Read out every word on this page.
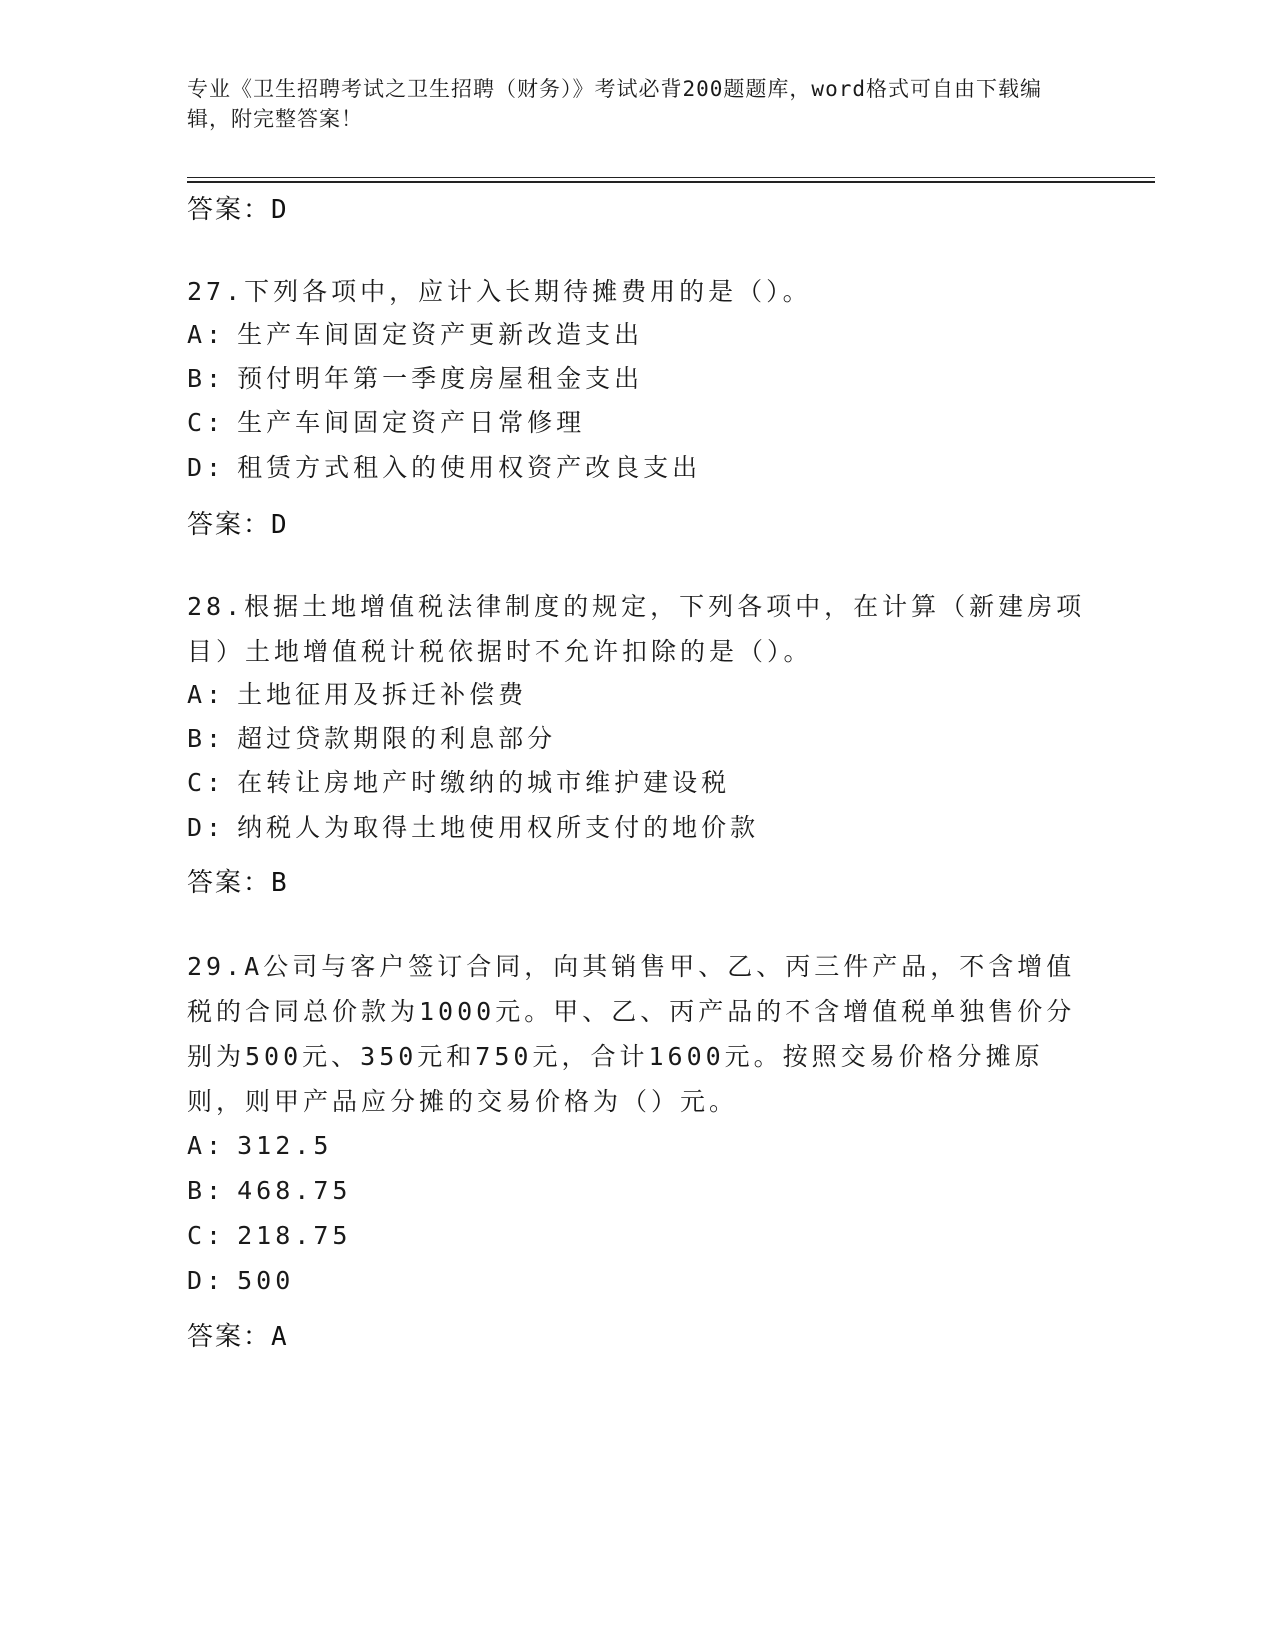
专业《卫生招聘考试之卫生招聘（财务）》考试必背200题题库，word格式可自由下载编辑，附完整答案！
答案：D
27.下列各项中，应计入长期待摊费用的是（）。
A: 生产车间固定资产更新改造支出
B: 预付明年第一季度房屋租金支出
C: 生产车间固定资产日常修理
D: 租赁方式租入的使用权资产改良支出
答案：D
28.根据土地增值税法律制度的规定，下列各项中，在计算（新建房项目）土地增值税计税依据时不允许扣除的是（）。
A: 土地征用及拆迁补偿费
B: 超过贷款期限的利息部分
C: 在转让房地产时缴纳的城市维护建设税
D: 纳税人为取得土地使用权所支付的地价款
答案：B
29.A公司与客户签订合同，向其销售甲、乙、丙三件产品，不含增值税的合同总价款为1000元。甲、乙、丙产品的不含增值税单独售价分别为500元、350元和750元，合计1600元。按照交易价格分摊原则，则甲产品应分摊的交易价格为（）元。
A: 312.5
B: 468.75
C: 218.75
D: 500
答案：A
